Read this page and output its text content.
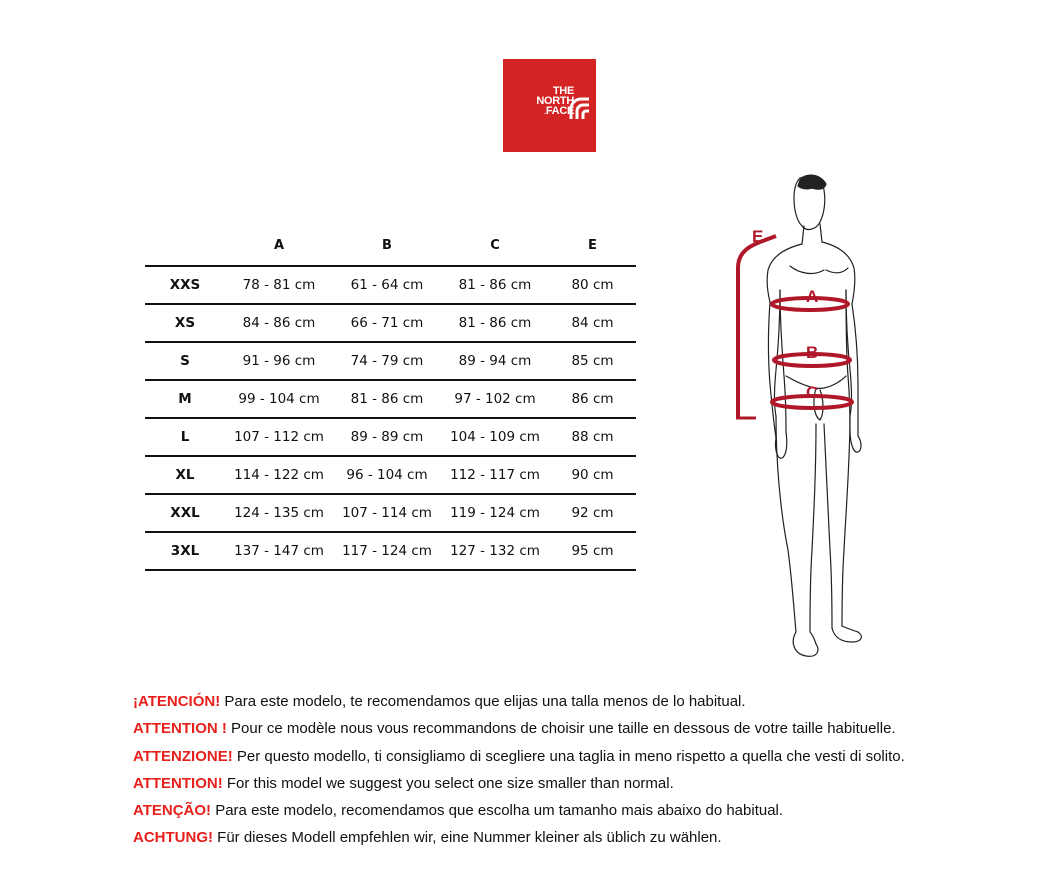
THE
NORTH
.FACE
	A	B	C	E
XXS	78 - 81 cm	61 - 64 cm	81 - 86 cm	80 cm
XS	84 - 86 cm	66 - 71 cm	81 - 86 cm	84 cm
S	91 - 96 cm	74 - 79 cm	89 - 94 cm	85 cm
M	99 - 104 cm	81 - 86 cm	97 - 102 cm	86 cm
L	107 - 112 cm	89 - 89 cm	104 - 109 cm	88 cm
XL	114 - 122 cm	96 - 104 cm	112 - 117 cm	90 cm
XXL	124 - 135 cm	107 - 114 cm	119 - 124 cm	92 cm
3XL	137 - 147 cm	117 - 124 cm	127 - 132 cm	95 cm
E
A
B
C
¡ATENCIÓN! Para este modelo, te recomendamos que elijas una talla menos de lo habitual.
ATTENTION ! Pour ce modèle nous vous recommandons de choisir une taille en dessous de votre taille habituelle.
ATTENZIONE! Per questo modello, ti consigliamo di scegliere una taglia in meno rispetto a quella che vesti di solito.
ATTENTION! For this model we suggest you select one size smaller than normal.
ATENÇÃO! Para este modelo, recomendamos que escolha um tamanho mais abaixo do habitual.
ACHTUNG! Für dieses Modell empfehlen wir, eine Nummer kleiner als üblich zu wählen.
